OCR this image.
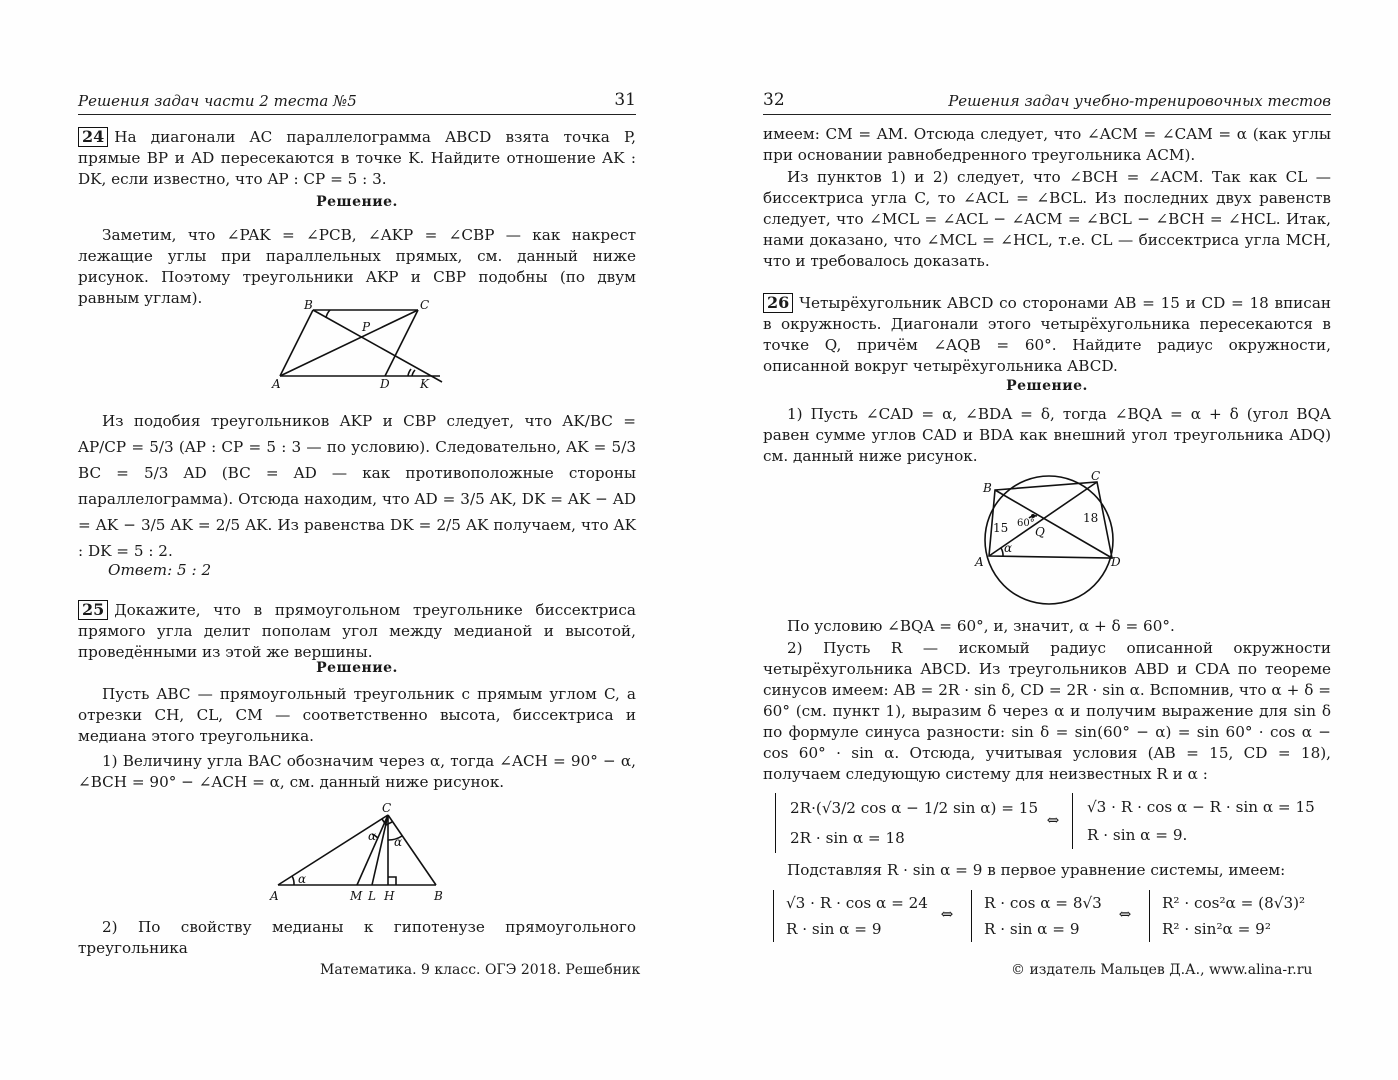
Решения задач части 2 теста №5	31
24 На диагонали AC параллелограмма ABCD взята точка P, прямые BP и AD пересекаются в точке K. Найдите отношение AK : DK, если известно, что AP : CP = 5 : 3.
Решение.
Заметим, что ∠PAK = ∠PCB, ∠AKP = ∠CBP — как накрест лежащие углы при параллельных прямых, см. данный ниже рисунок. Поэтому треугольники AKP и CBP подобны (по двум равным углам).	B	C
P
A	D	K
Из подобия треугольников AKP и CBP следует, что AK/BC = AP/CP = 5/3 (AP : CP = 5 : 3 — по условию). Следовательно, AK = 5/3 BC = 5/3 AD (BC = AD — как противоположные стороны параллелограмма). Отсюда находим, что AD = 3/5 AK, DK = AK − AD = AK − 3/5 AK = 2/5 AK. Из равенства DK = 2/5 AK получаем, что AK : DK = 5 : 2.
Ответ: 5 : 2
25 Докажите, что в прямоугольном треугольнике биссектриса прямого угла делит пополам угол между медианой и высотой, проведёнными из этой же вершины.
Решение.
Пусть ABC — прямоугольный треугольник с прямым углом C, а отрезки CH, CL, CM — соответственно высота, биссектриса и медиана этого треугольника.
1) Величину угла BAC обозначим через α, тогда ∠ACH = 90° − α, ∠BCH = 90° − ∠ACH = α, см. данный ниже рисунок.
C
A	M L H	B
α
α α
2) По свойству медианы к гипотенузе прямоугольного треугольника
Математика. 9 класс. ОГЭ 2018. Решебник
32	Решения задач учебно-тренировочных тестов
имеем: CM = AM. Отсюда следует, что ∠ACM = ∠CAM = α (как углы при основании равнобедренного треугольника ACM).
Из пунктов 1) и 2) следует, что ∠BCH = ∠ACM. Так как CL — биссектриса угла C, то ∠ACL = ∠BCL. Из последних двух равенств следует, что ∠MCL = ∠ACL − ∠ACM = ∠BCL − ∠BCH = ∠HCL. Итак, нами доказано, что ∠MCL = ∠HCL, т.е. CL — биссектриса угла MCH, что и требовалось доказать.
26 Четырёхугольник ABCD со сторонами AB = 15 и CD = 18 вписан в окружность. Диагонали этого четырёхугольника пересекаются в точке Q, причём ∠AQB = 60°. Найдите радиус окружности, описанной вокруг четырёхугольника ABCD.
Решение.
1) Пусть ∠CAD = α, ∠BDA = δ, тогда ∠BQA = α + δ (угол BQA равен сумме углов CAD и BDA как внешний угол треугольника ADQ) см. данный ниже рисунок.
B
C
A	D
Q
15
18
60°
α
По условию ∠BQA = 60°, и, значит, α + δ = 60°.
2) Пусть R — искомый радиус описанной окружности четырёхугольника ABCD. Из треугольников ABD и CDA по теореме синусов имеем: AB = 2R · sin δ, CD = 2R · sin α. Вспомнив, что α + δ = 60° (см. пункт 1), выразим δ через α и получим выражение для sin δ по формуле синуса разности: sin δ = sin(60° − α) = sin 60° · cos α − cos 60° · sin α. Отсюда, учитывая условия (AB = 15, CD = 18), получаем следующую систему для неизвестных R и α :
2R·(√3/2 cos α − 1/2 sin α) = 15
2R · sin α = 18
⇔
√3 · R · cos α − R · sin α = 15
R · sin α = 9.
Подставляя R · sin α = 9 в первое уравнение системы, имеем:
√3 · R · cos α = 24
R · sin α = 9
⇔
R · cos α = 8√3
R · sin α = 9
⇔
R² · cos²α = (8√3)²
R² · sin²α = 9²
© издатель Мальцев Д.А., www.alina-r.ru
